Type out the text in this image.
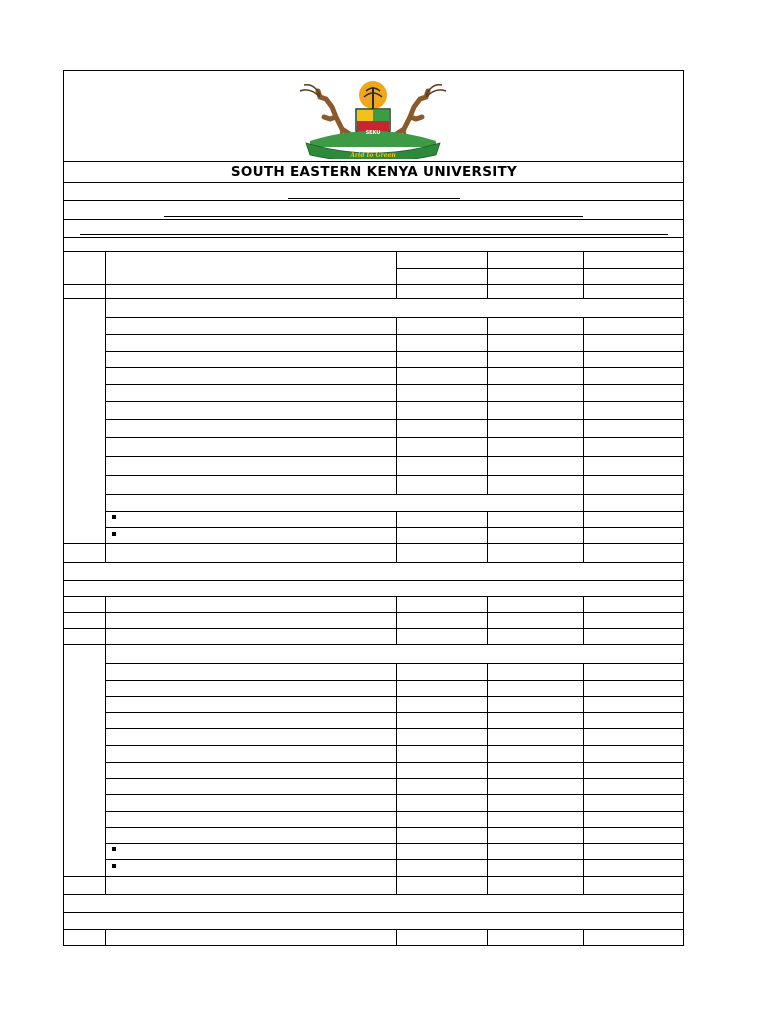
SEKU
Arid to Green
SOUTH EASTERN KENYA UNIVERSITY
